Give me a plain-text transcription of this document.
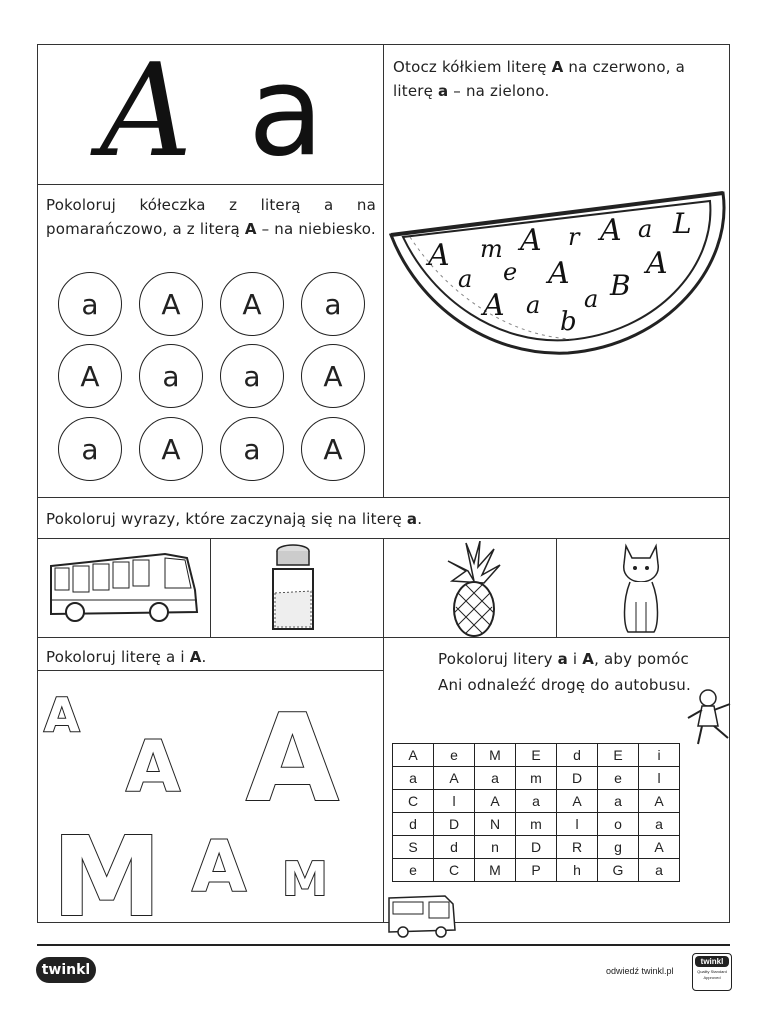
A a	Otocz kółkiem literę A na czerwono, a literę a – na zielono.
A m A r A a L
a e A	A
A a
b
a B
Pokoloruj kółeczka z literą a na pomarańczowo, a z literą A – na niebiesko.
a	A	A	a
A	a	a	A
a	A	a	A
Pokoloruj wyrazy, które zaczynają się na literę a.
Pokoloruj literę a i A.
A
A A
M A M
Pokoloruj litery a i A, aby pomóc Ani odnaleźć drogę do autobusu.
A	e	M	E	d	E	i
a	A	a	m	D	e	l
C	l	A	a	A	a	A
d	D	N	m	l	o	a
S	d	n	D	R	g	A
e	C	M	P	h	G	a
twinkl	odwiedź twinkl.pl
twinkl
Quality Standard
Approved
